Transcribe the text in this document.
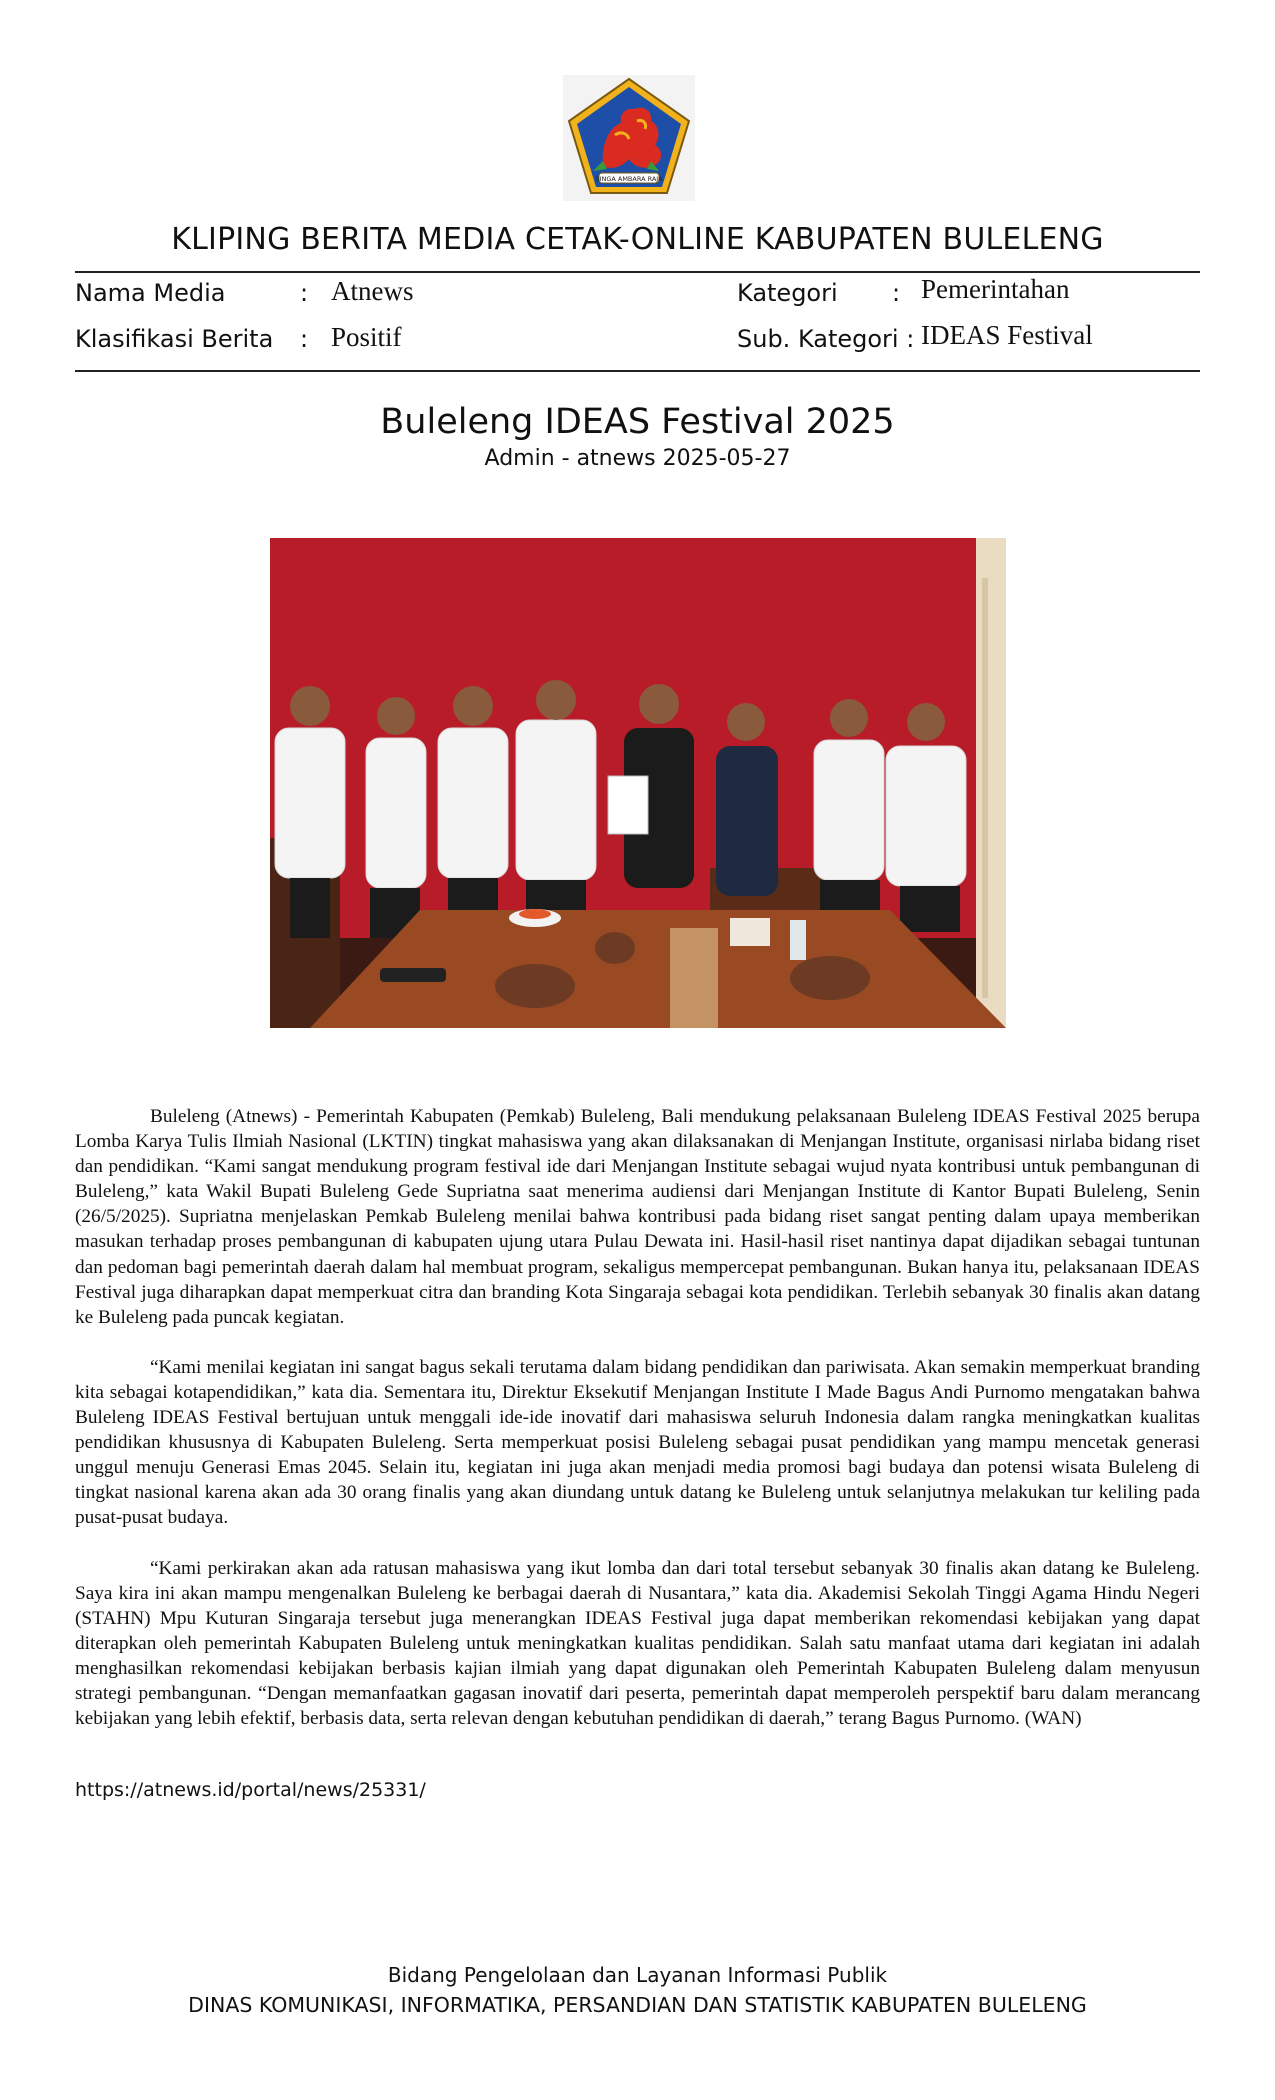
SINGA AMBARA RAJA
KLIPING BERITA MEDIA CETAK-ONLINE KABUPATEN BULELENG
Nama Media	: Atnews	Kategori : Pemerintahan
Klasifikasi Berita : Positif	Sub. Kategori : IDEAS Festival
Buleleng IDEAS Festival 2025
Admin - atnews 2025-05-27

Buleleng (Atnews) - Pemerintah Kabupaten (Pemkab) Buleleng, Bali mendukung pelaksanaan Buleleng IDEAS Festival 2025 berupa Lomba Karya Tulis Ilmiah Nasional (LKTIN) tingkat mahasiswa yang akan dilaksanakan di Menjangan Institute, organisasi nirlaba bidang riset dan pendidikan. “Kami sangat mendukung program festival ide dari Menjangan Institute sebagai wujud nyata kontribusi untuk pembangunan di Buleleng,” kata Wakil Bupati Buleleng Gede Supriatna saat menerima audiensi dari Menjangan Institute di Kantor Bupati Buleleng, Senin (26/5/2025). Supriatna menjelaskan Pemkab Buleleng menilai bahwa kontribusi pada bidang riset sangat penting dalam upaya memberikan masukan terhadap proses pembangunan di kabupaten ujung utara Pulau Dewata ini. Hasil-hasil riset nantinya dapat dijadikan sebagai tuntunan dan pedoman bagi pemerintah daerah dalam hal membuat program, sekaligus mempercepat pembangunan. Bukan hanya itu, pelaksanaan IDEAS Festival juga diharapkan dapat memperkuat citra dan branding Kota Singaraja sebagai kota pendidikan. Terlebih sebanyak 30 finalis akan datang ke Buleleng pada puncak kegiatan.

“Kami menilai kegiatan ini sangat bagus sekali terutama dalam bidang pendidikan dan pariwisata. Akan semakin memperkuat branding kita sebagai kotapendidikan,” kata dia. Sementara itu, Direktur Eksekutif Menjangan Institute I Made Bagus Andi Purnomo mengatakan bahwa Buleleng IDEAS Festival bertujuan untuk menggali ide-ide inovatif dari mahasiswa seluruh Indonesia dalam rangka meningkatkan kualitas pendidikan khususnya di Kabupaten Buleleng. Serta memperkuat posisi Buleleng sebagai pusat pendidikan yang mampu mencetak generasi unggul menuju Generasi Emas 2045. Selain itu, kegiatan ini juga akan menjadi media promosi bagi budaya dan potensi wisata Buleleng di tingkat nasional karena akan ada 30 orang finalis yang akan diundang untuk datang ke Buleleng untuk selanjutnya melakukan tur keliling pada pusat-pusat budaya.

“Kami perkirakan akan ada ratusan mahasiswa yang ikut lomba dan dari total tersebut sebanyak 30 finalis akan datang ke Buleleng. Saya kira ini akan mampu mengenalkan Buleleng ke berbagai daerah di Nusantara,” kata dia. Akademisi Sekolah Tinggi Agama Hindu Negeri (STAHN) Mpu Kuturan Singaraja tersebut juga menerangkan IDEAS Festival juga dapat memberikan rekomendasi kebijakan yang dapat diterapkan oleh pemerintah Kabupaten Buleleng untuk meningkatkan kualitas pendidikan. Salah satu manfaat utama dari kegiatan ini adalah menghasilkan rekomendasi kebijakan berbasis kajian ilmiah yang dapat digunakan oleh Pemerintah Kabupaten Buleleng dalam menyusun strategi pembangunan. “Dengan memanfaatkan gagasan inovatif dari peserta, pemerintah dapat memperoleh perspektif baru dalam merancang kebijakan yang lebih efektif, berbasis data, serta relevan dengan kebutuhan pendidikan di daerah,” terang Bagus Purnomo. (WAN)

https://atnews.id/portal/news/25331/
Bidang Pengelolaan dan Layanan Informasi Publik
DINAS KOMUNIKASI, INFORMATIKA, PERSANDIAN DAN STATISTIK KABUPATEN BULELENG
